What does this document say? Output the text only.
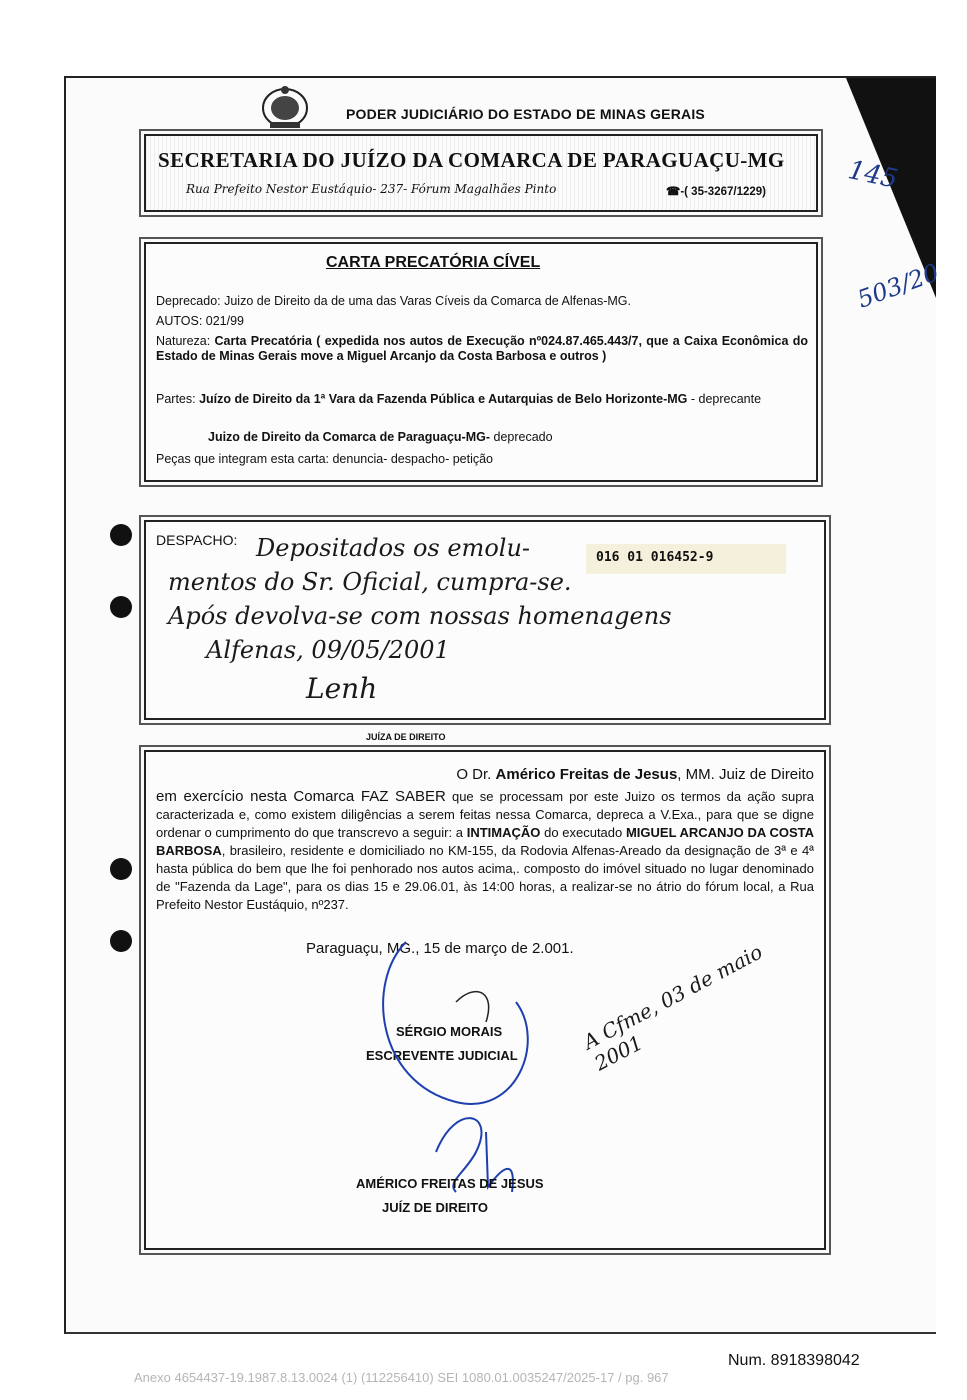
PODER JUDICIÁRIO DO ESTADO DE MINAS GERAIS
SECRETARIA DO JUÍZO DA COMARCA DE PARAGUAÇU-MG
Rua Prefeito Nestor Eustáquio- 237- Fórum Magalhães Pinto	☎-( 35-3267/1229)
CARTA PRECATÓRIA CÍVEL
Deprecado: Juizo de Direito da de uma das Varas Cíveis da Comarca de Alfenas-MG.
AUTOS: 021/99
Natureza: Carta Precatória ( expedida nos autos de Execução nº024.87.465.443/7, que a Caixa Econômica do Estado de Minas Gerais move a Miguel Arcanjo da Costa Barbosa e outros )
Partes: Juízo de Direito da 1ª Vara da Fazenda Pública e Autarquias de Belo Horizonte-MG - deprecante
Juizo de Direito da Comarca de Paraguaçu-MG- deprecado
Peças que integram esta carta: denuncia- despacho- petição
DESPACHO:
016 01 016452-9
Depositados os emolu-
mentos do Sr. Oficial, cumpra-se.
Após devolva-se com nossas homenagens
Alfenas, 09/05/2001
Lenh
JUÍZA DE DIREITO
O Dr. Américo Freitas de Jesus, MM. Juiz de Direito
em exercício nesta Comarca FAZ SABER que se processam por este Juizo os termos da ação supra caracterizada e, como existem diligências a serem feitas nessa Comarca, depreca a V.Exa., para que se digne ordenar o cumprimento do que transcrevo a seguir: a INTIMAÇÃO do executado MIGUEL ARCANJO DA COSTA BARBOSA, brasileiro, residente e domiciliado no KM-155, da Rodovia Alfenas-Areado da designação de 3ª e 4ª hasta pública do bem que lhe foi penhorado nos autos acima,. composto do imóvel situado no lugar denominado de "Fazenda da Lage", para os dias 15 e 29.06.01, às 14:00 horas, a realizar-se no átrio do fórum local, a Rua Prefeito Nestor Eustáquio, nº237.
Paraguaçu, MG., 15 de março de 2.001.
SÉRGIO MORAIS
ESCREVENTE JUDICIAL
A Cfme, 03 de maio 2001
AMÉRICO FREITAS DE JESUS
JUÍZ DE DIREITO
145
503/20
Num. 8918398042
Anexo 4654437-19.1987.8.13.0024 (1) (112256410) SEI 1080.01.0035247/2025-17 / pg. 967
